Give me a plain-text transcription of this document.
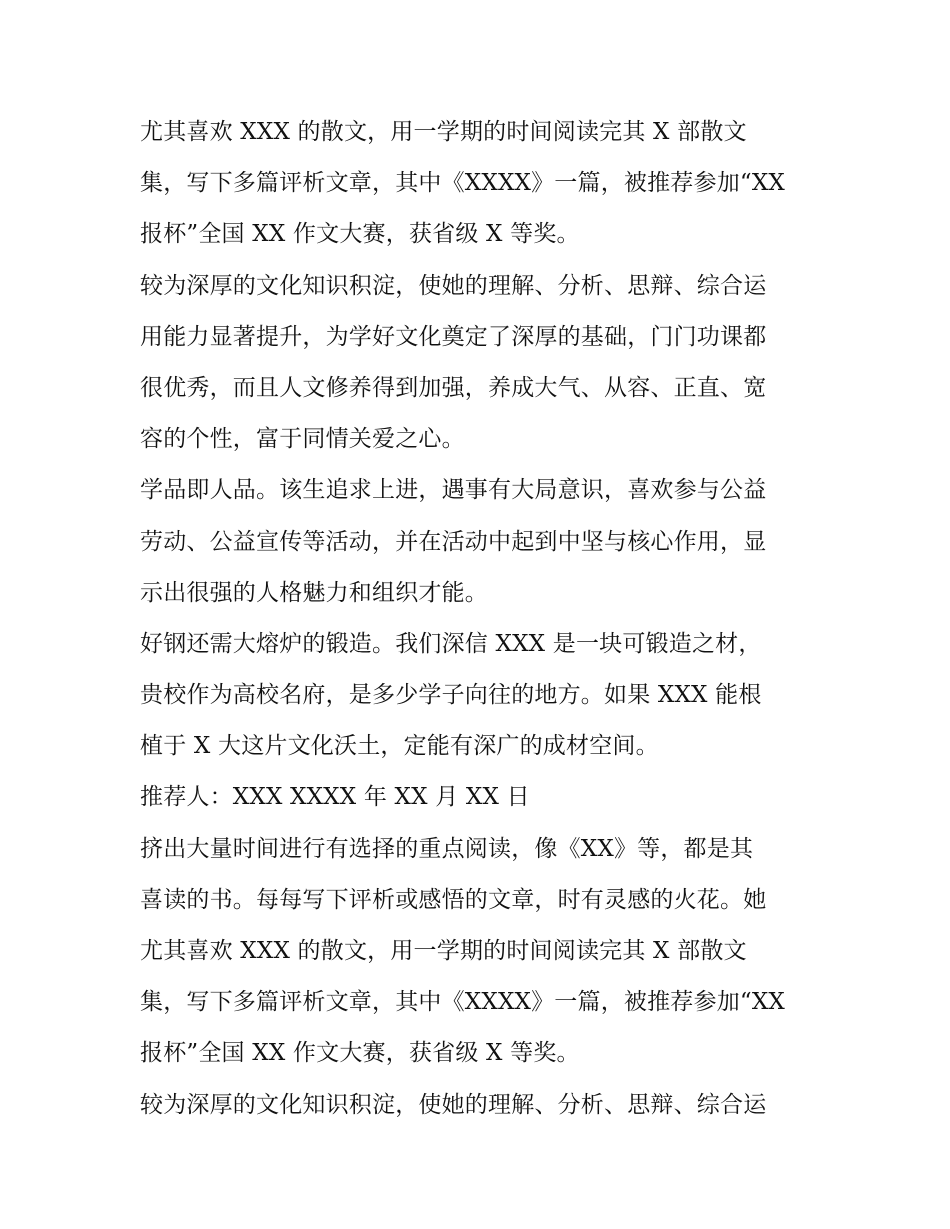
尤其喜欢 XXX 的散文，用一学期的时间阅读完其 X 部散文
集，写下多篇评析文章，其中《XXXX》一篇，被推荐参加“XX
报杯”全国 XX 作文大赛，获省级 X 等奖。
较为深厚的文化知识积淀，使她的理解、分析、思辩、综合运
用能力显著提升，为学好文化奠定了深厚的基础，门门功课都
很优秀，而且人文修养得到加强，养成大气、从容、正直、宽
容的个性，富于同情关爱之心。
学品即人品。该生追求上进，遇事有大局意识，喜欢参与公益
劳动、公益宣传等活动，并在活动中起到中坚与核心作用，显
示出很强的人格魅力和组织才能。
好钢还需大熔炉的锻造。我们深信 XXX 是一块可锻造之材，
贵校作为高校名府，是多少学子向往的地方。如果 XXX 能根
植于 X 大这片文化沃土，定能有深广的成材空间。
推荐人：XXX XXXX 年 XX 月 XX 日
挤出大量时间进行有选择的重点阅读，像《XX》等，都是其
喜读的书。每每写下评析或感悟的文章，时有灵感的火花。她
尤其喜欢 XXX 的散文，用一学期的时间阅读完其 X 部散文
集，写下多篇评析文章，其中《XXXX》一篇，被推荐参加“XX
报杯”全国 XX 作文大赛，获省级 X 等奖。
较为深厚的文化知识积淀，使她的理解、分析、思辩、综合运
